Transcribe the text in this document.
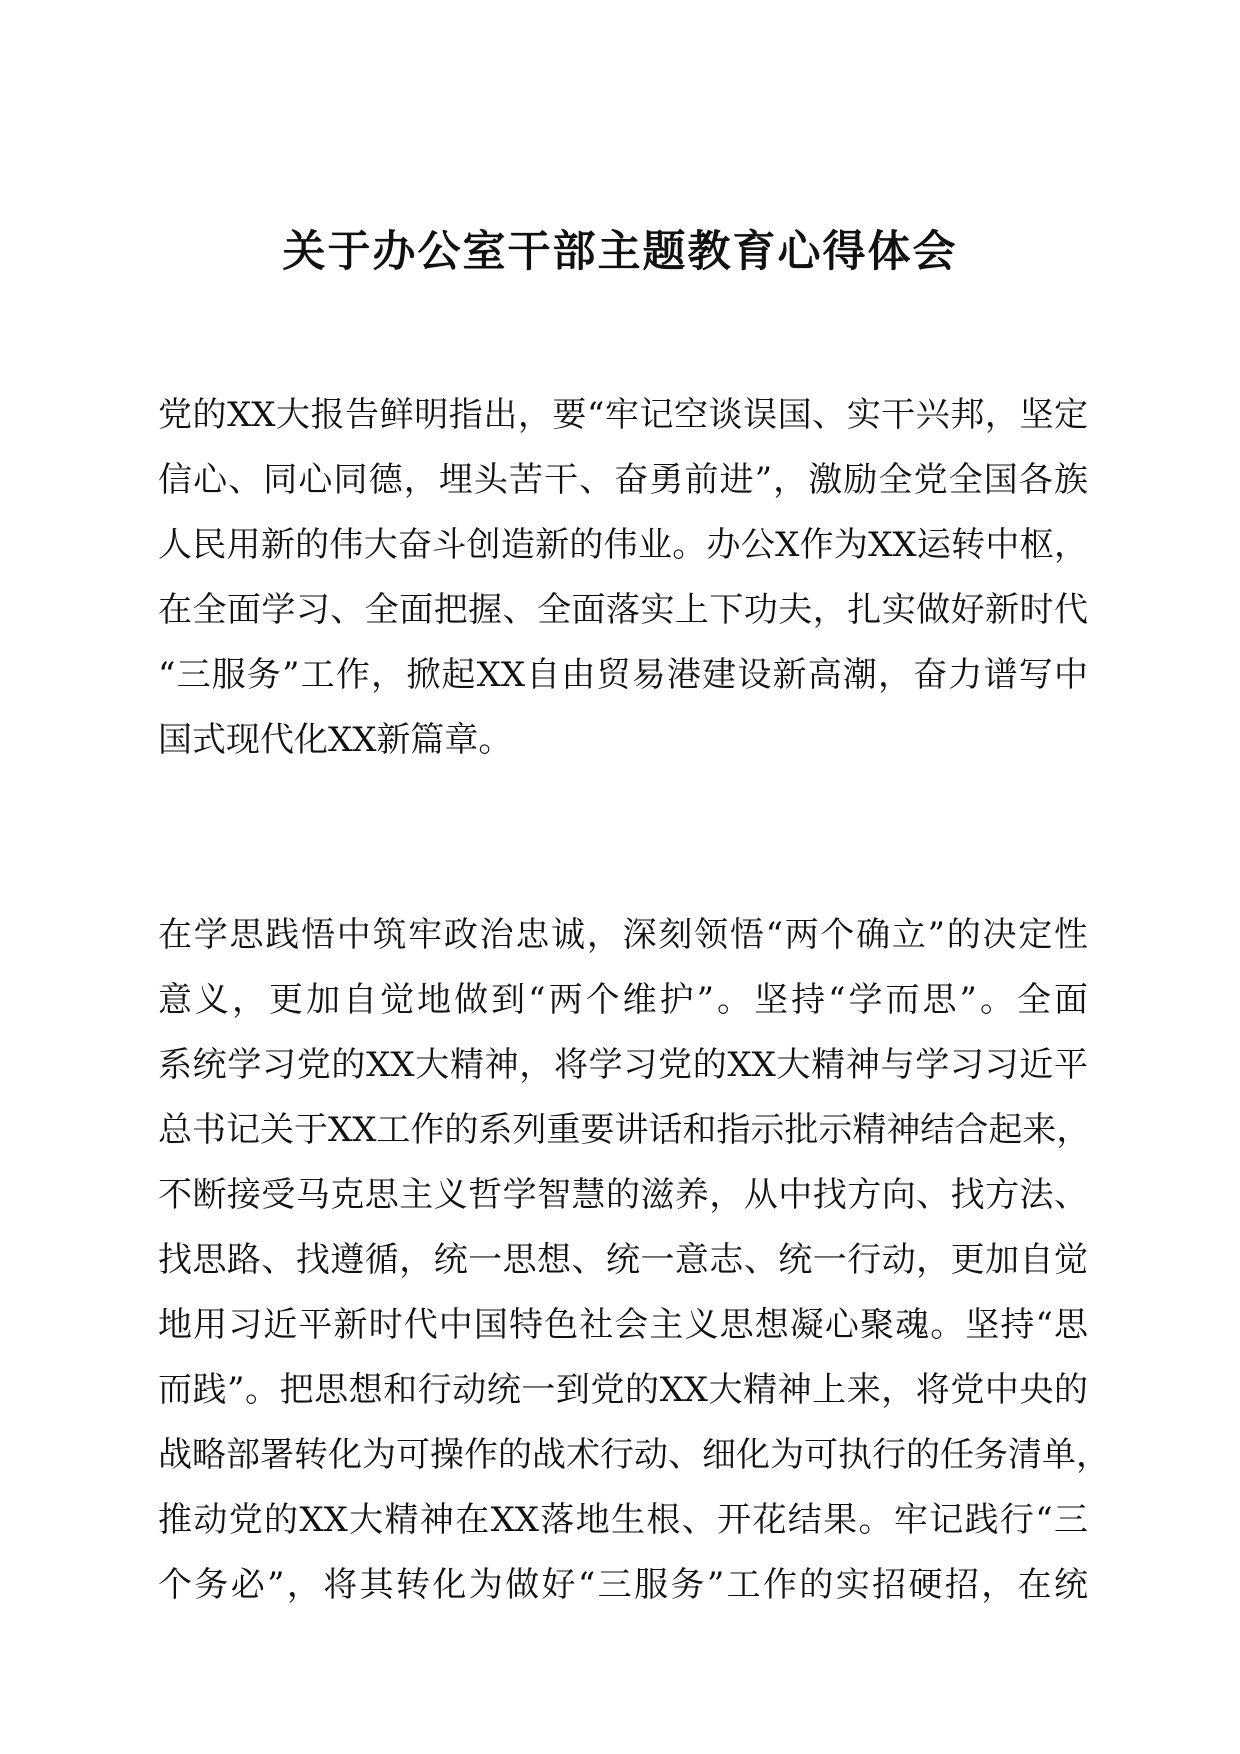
关于办公室干部主题教育心得体会
党的XX大报告鲜明指出，要“牢记空谈误国、实干兴邦，坚定
信心、同心同德，埋头苦干、奋勇前进”，激励全党全国各族
人民用新的伟大奋斗创造新的伟业。办公X作为XX运转中枢，
在全面学习、全面把握、全面落实上下功夫，扎实做好新时代
“三服务”工作，掀起XX自由贸易港建设新高潮，奋力谱写中
国式现代化XX新篇章。
在学思践悟中筑牢政治忠诚，深刻领悟“两个确立”的决定性
意义，更加自觉地做到“两个维护”。坚持“学而思”。全面
系统学习党的XX大精神，将学习党的XX大精神与学习习近平
总书记关于XX工作的系列重要讲话和指示批示精神结合起来，
不断接受马克思主义哲学智慧的滋养，从中找方向、找方法、
找思路、找遵循，统一思想、统一意志、统一行动，更加自觉
地用习近平新时代中国特色社会主义思想凝心聚魂。坚持“思
而践”。把思想和行动统一到党的XX大精神上来，将党中央的
战略部署转化为可操作的战术行动、细化为可执行的任务清单，
推动党的XX大精神在XX落地生根、开花结果。牢记践行“三
个务必”，将其转化为做好“三服务”工作的实招硬招，在统
